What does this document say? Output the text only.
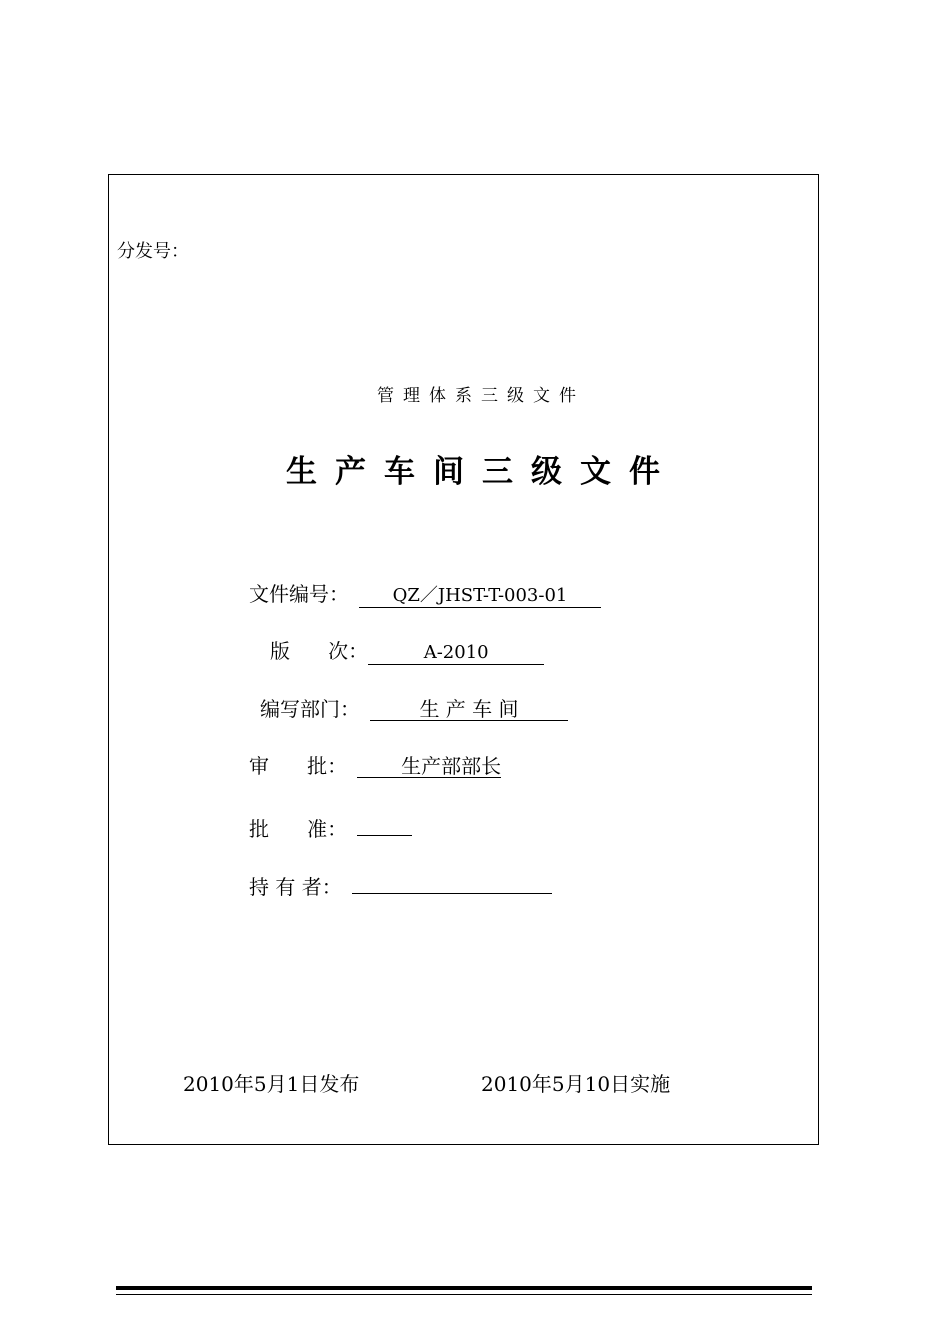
分发号：
管理体系三级文件
生产车间三级文件
文件编号：	QZ／JHST-T-003-01
版      次：	A-2010
编写部门：	生 产 车 间
审      批：	生产部部长
批      准：
持 有 者：
2010年5月1日发布	2010年5月10日实施
